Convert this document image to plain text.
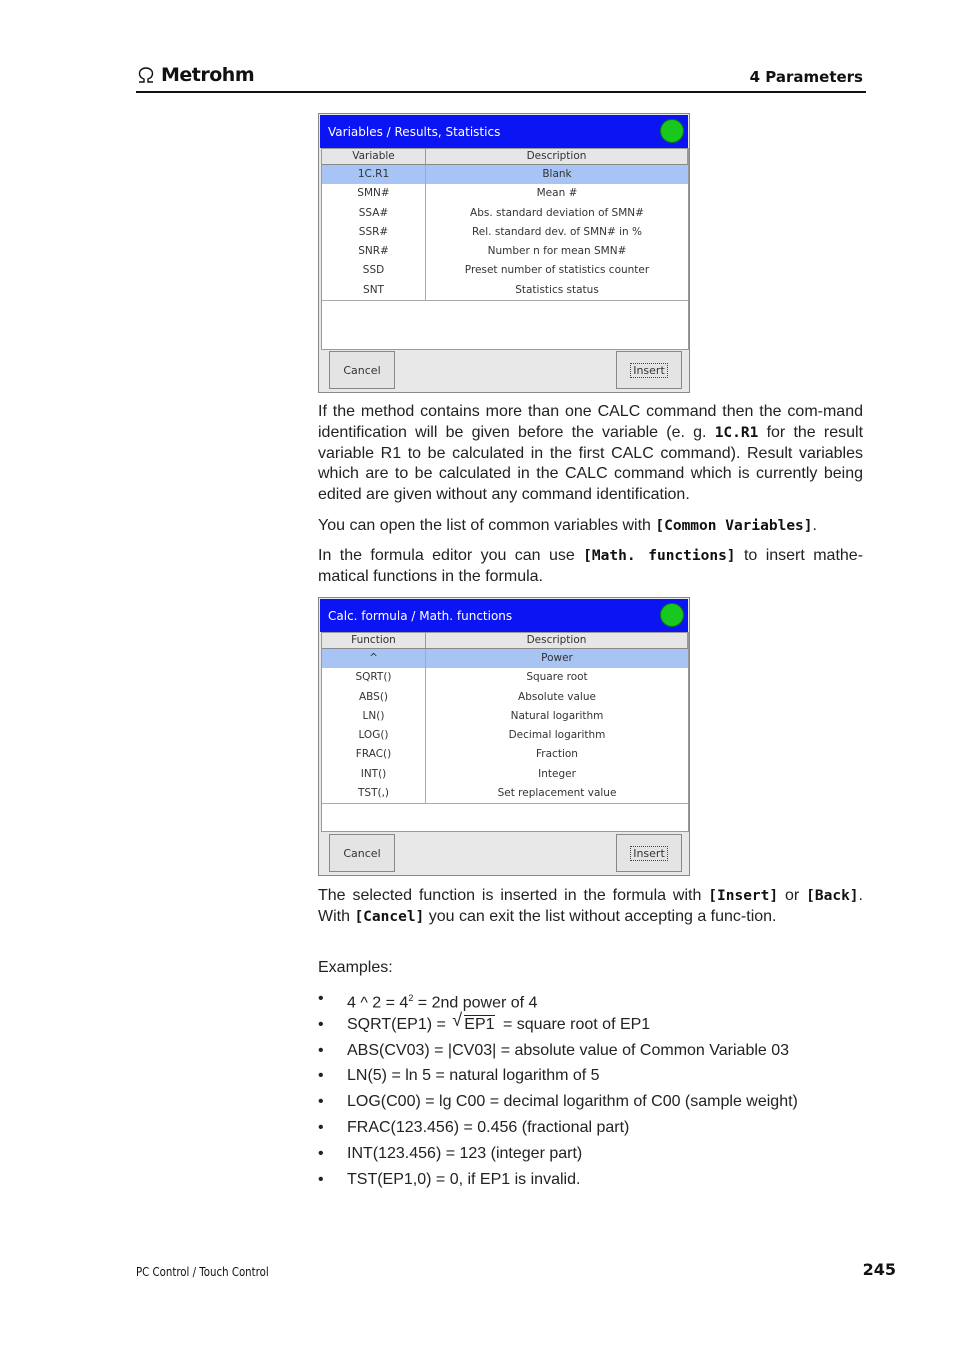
Metrohm	4 Parameters
Variables / Results, Statistics
Variable	Description
1C.R1	Blank
SMN#	Mean #
SSA#	Abs. standard deviation of SMN#
SSR#	Rel. standard dev. of SMN# in %
SNR#	Number n for mean SMN#
SSD	Preset number of statistics counter
SNT	Statistics status
Cancel	Insert
If the method contains more than one CALC command then the com-mand identification will be given before the variable (e. g. 1C.R1 for the result variable R1 to be calculated in the first CALC command). Result variables which are to be calculated in the CALC command which is currently being edited are given without any command identification.
You can open the list of common variables with [Common Variables].
In the formula editor you can use [Math. functions] to insert mathe-matical functions in the formula.
Calc. formula / Math. functions
Function	Description
^	Power
SQRT()	Square root
ABS()	Absolute value
LN()	Natural logarithm
LOG()	Decimal logarithm
FRAC()	Fraction
INT()	Integer
TST(,)	Set replacement value
Cancel	Insert
The selected function is inserted in the formula with [Insert] or [Back]. With [Cancel] you can exit the list without accepting a func-tion.
Examples:
• 4 ^ $2 = 4^2 = 2nd$ power of 4
• SQRT(EP1) = √ EP1 = square root of EP1
• ABS(CV03) = |CV03| = absolute value of Common Variable 03
• LN(5) = ln 5 = natural logarithm of 5
• LOG(C00) = lg C00 = decimal logarithm of C00 (sample weight)
• FRAC(123.456) = 0.456 (fractional part)
• INT(123.456) = 123 (integer part)
• TST(EP1,0) = 0, if EP1 is invalid.
PC Control / Touch Control	245
